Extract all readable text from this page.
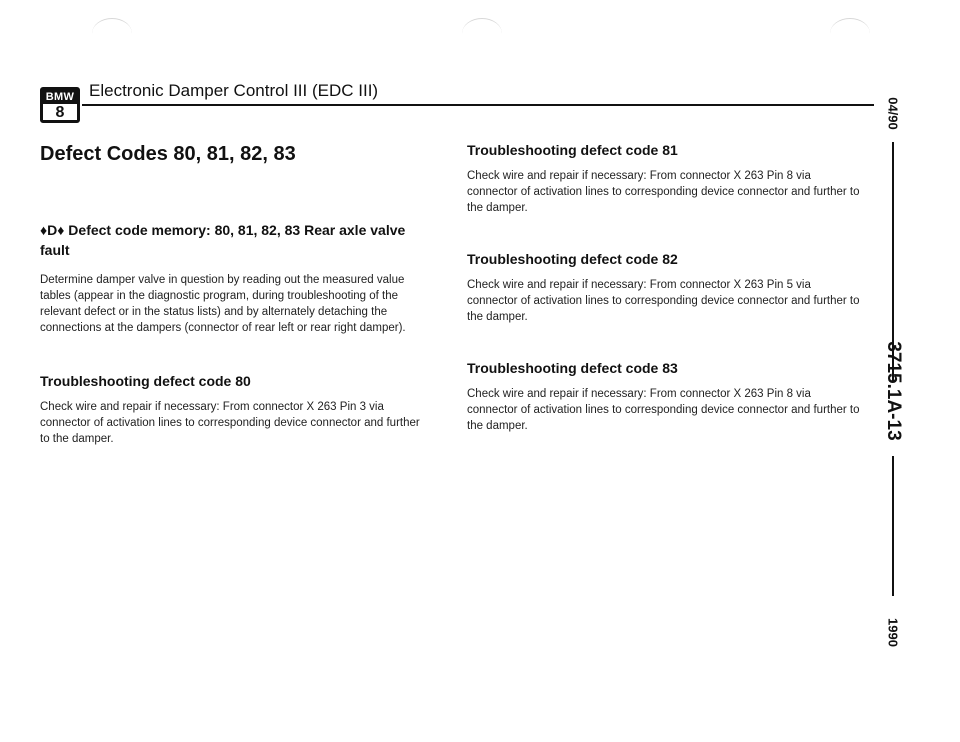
BMW
8
Electronic Damper Control III (EDC III)
Defect Codes 80, 81, 82, 83
♦D♦ Defect code memory: 80, 81, 82, 83 Rear axle valve fault

Determine damper valve in question by reading out the measured value tables (appear in the diagnostic program, during troubleshooting of the relevant defect or in the status lists) and by alternately detaching the connections at the dampers (connector of rear left or rear right damper).

Troubleshooting defect code 80

Check wire and repair if necessary: From connector X 263 Pin 3 via connector of activation lines to corresponding device connector and further to the damper.

Troubleshooting defect code 81

Check wire and repair if necessary: From connector X 263 Pin 8 via connector of activation lines to corresponding device connector and further to the damper.

Troubleshooting defect code 82

Check wire and repair if necessary: From connector X 263 Pin 5 via connector of activation lines to corresponding device connector and further to the damper.

Troubleshooting defect code 83

Check wire and repair if necessary: From connector X 263 Pin 8 via connector of activation lines to corresponding device connector and further to the damper.

04/90
3715.1A-13
1990
